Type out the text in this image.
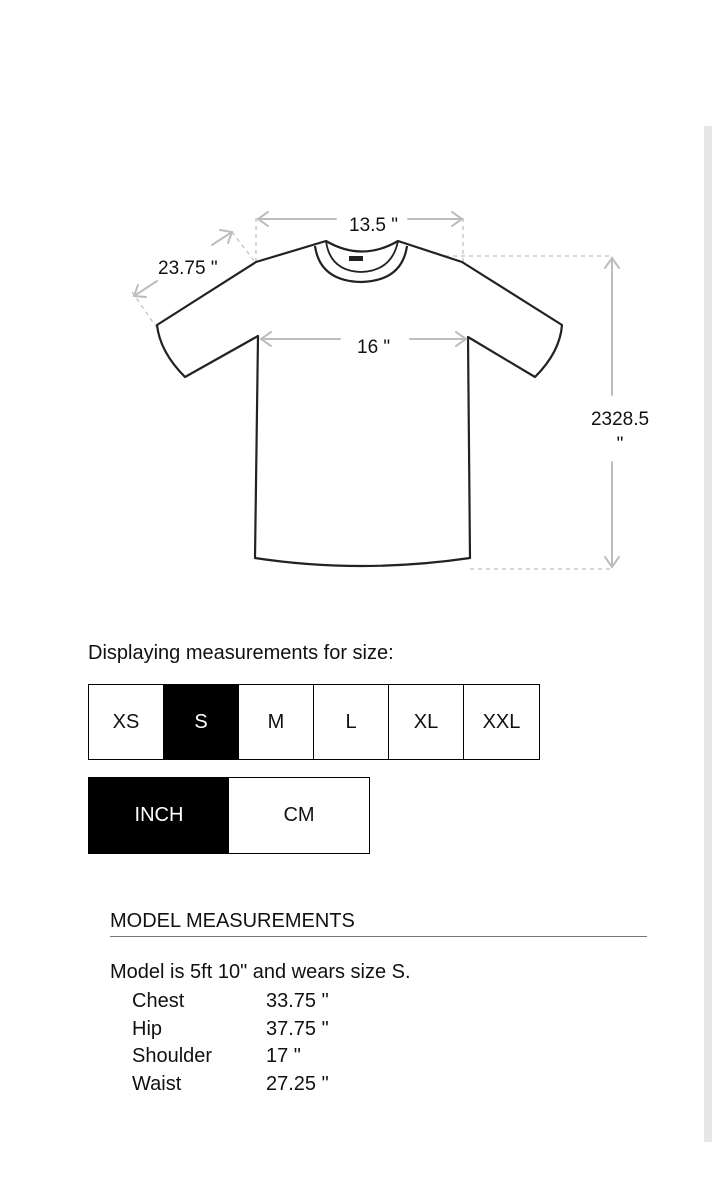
23.75 "
13.5 "
16 "
2328.5
"
Displaying measurements for size:
XS	S	M	L	XL	XXL
INCH	CM
MODEL MEASUREMENTS
Model is 5ft 10" and wears size S.
Chest	33.75 "
Hip	37.75 "
Shoulder	17 "
Waist	27.25 "
